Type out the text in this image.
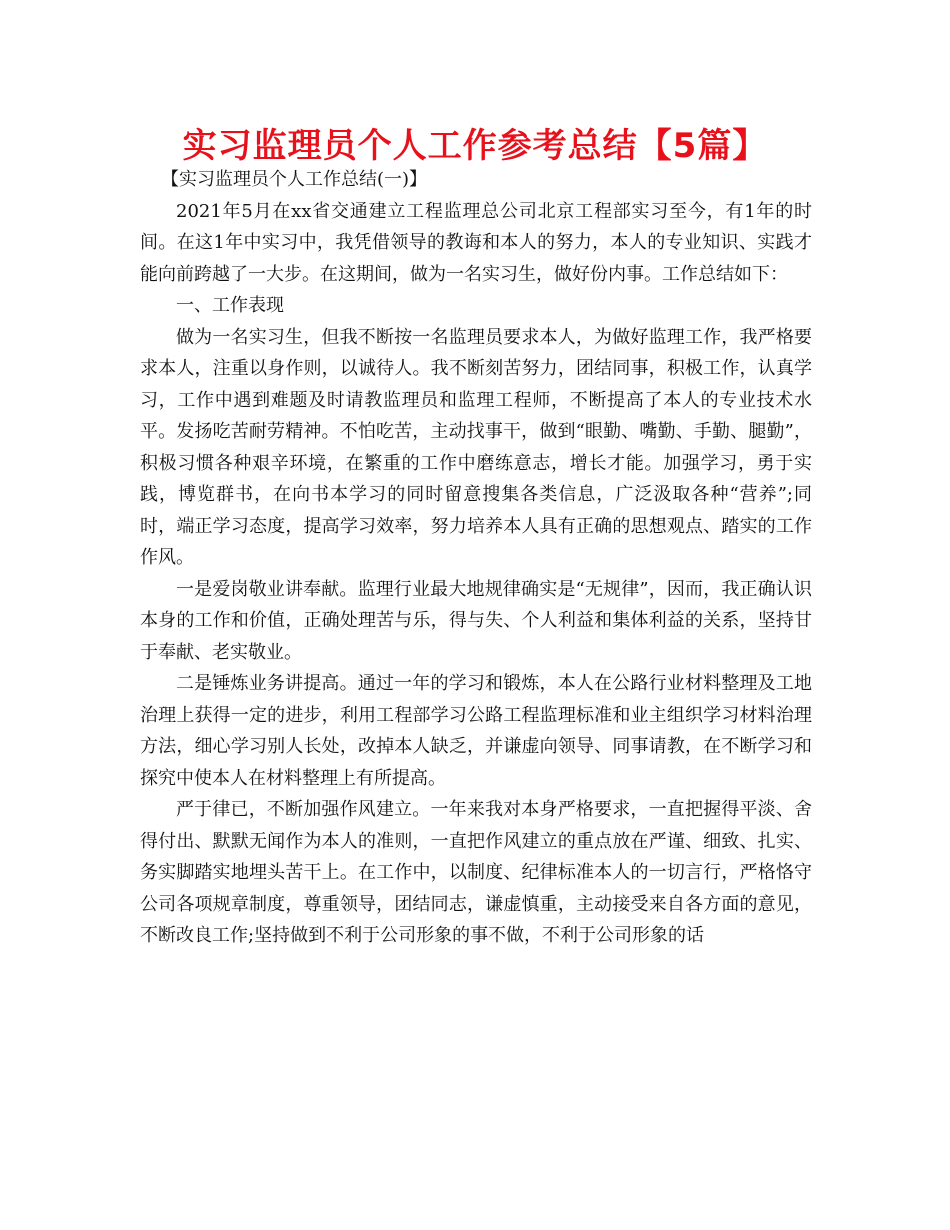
实习监理员个人工作参考总结【5篇】

【实习监理员个人工作总结(一)】

2021年5月在xx省交通建立工程监理总公司北京工程部实习至今，有1年的时间。在这1年中实习中，我凭借领导的教诲和本人的努力，本人的专业知识、实践才能向前跨越了一大步。在这期间，做为一名实习生，做好份内事。工作总结如下：

一、工作表现

做为一名实习生，但我不断按一名监理员要求本人，为做好监理工作，我严格要求本人，注重以身作则，以诚待人。我不断刻苦努力，团结同事，积极工作，认真学习，工作中遇到难题及时请教监理员和监理工程师，不断提高了本人的专业技术水平。发扬吃苦耐劳精神。不怕吃苦，主动找事干，做到“眼勤、嘴勤、手勤、腿勤”，积极习惯各种艰辛环境，在繁重的工作中磨练意志，增长才能。加强学习，勇于实践，博览群书，在向书本学习的同时留意搜集各类信息，广泛汲取各种“营养”;同时，端正学习态度，提高学习效率，努力培养本人具有正确的思想观点、踏实的工作作风。

一是爱岗敬业讲奉献。监理行业最大地规律确实是“无规律”，因而，我正确认识本身的工作和价值，正确处理苦与乐，得与失、个人利益和集体利益的关系，坚持甘于奉献、老实敬业。

二是锤炼业务讲提高。通过一年的学习和锻炼，本人在公路行业材料整理及工地治理上获得一定的进步，利用工程部学习公路工程监理标准和业主组织学习材料治理方法，细心学习别人长处，改掉本人缺乏，并谦虚向领导、同事请教，在不断学习和探究中使本人在材料整理上有所提高。

严于律已，不断加强作风建立。一年来我对本身严格要求，一直把握得平淡、舍得付出、默默无闻作为本人的准则，一直把作风建立的重点放在严谨、细致、扎实、务实脚踏实地埋头苦干上。在工作中，以制度、纪律标准本人的一切言行，严格恪守公司各项规章制度，尊重领导，团结同志，谦虚慎重，主动接受来自各方面的意见，不断改良工作;坚持做到不利于公司形象的事不做，不利于公司形象的话
